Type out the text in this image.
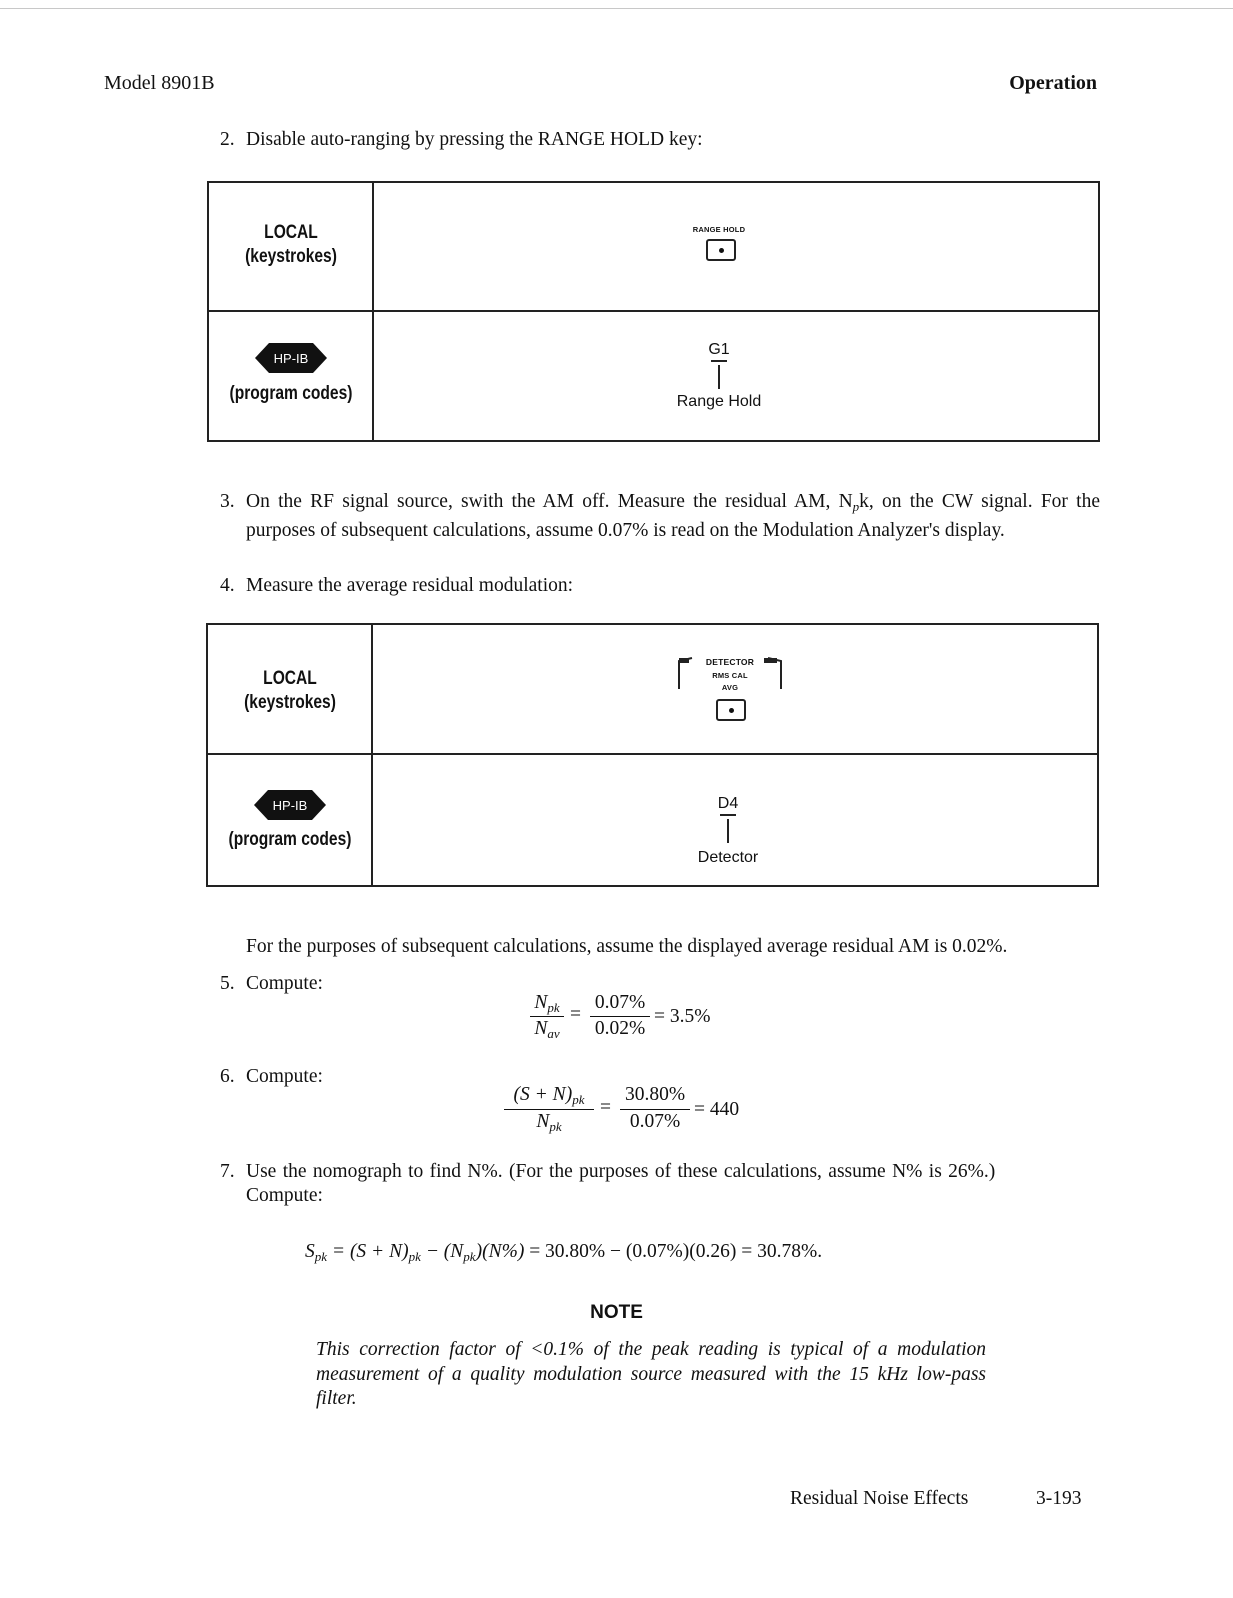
Model 8901B	Operation
2. Disable auto-ranging by pressing the RANGE HOLD key:
LOCAL
(keystrokes)
HP-IB
(program codes)
RANGE HOLD
G1
Range Hold
3. On the RF signal source, swith the AM off. Measure the residual AM, $N_pk$, on the CW signal. For the purposes of subsequent calculations, assume 0.07% is read on the Modulation Analyzer's display.
4. Measure the average residual modulation:
LOCAL
(keystrokes)
HP-IB
(program codes)
DETECTOR
RMS CAL
AVG
D4
Detector
For the purposes of subsequent calculations, assume the displayed average residual AM is 0.02%.
5. Compute:
$N_{pk}$
$N_{av}$
=
0.07%
0.02%
= 3.5%
6. Compute:
$(S + N)_{pk}$
$N_{pk}$
=
30.80%
0.07%
= 440
7. Use the nomograph to find N%. (For the purposes of these calculations, assume N% is 26%.)
Compute:
$S_{pk} = (S + N)_{pk} - (N_{pk})(N\%) = 30.80\% - (0.07\%)(0.26) = 30.78\%$.
NOTE
This correction factor of <0.1% of the peak reading is typical of a modulation measurement of a quality modulation source measured with the 15 kHz low-pass filter.
Residual Noise Effects	3-193
